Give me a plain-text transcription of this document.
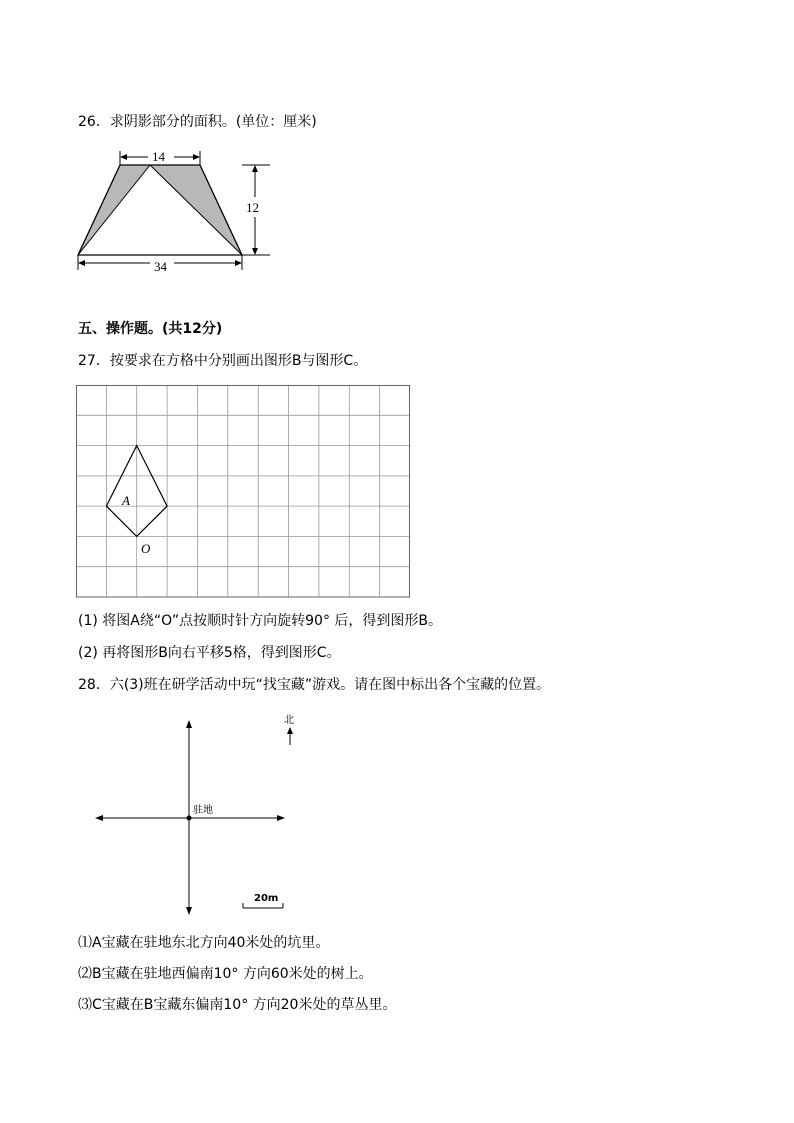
26．求阴影部分的面积。(单位：厘米)
14
12
34
五、操作题。(共12分)
27．按要求在方格中分别画出图形B与图形C。
A
O
(1) 将图A绕“O”点按顺时针方向旋转90° 后，得到图形B。
(2) 再将图形B向右平移5格，得到图形C。
28．六(3)班在研学活动中玩“找宝藏”游戏。请在图中标出各个宝藏的位置。
北
驻地
20m
⑴A宝藏在驻地东北方向40米处的坑里。
⑵B宝藏在驻地西偏南10° 方向60米处的树上。
⑶C宝藏在B宝藏东偏南10° 方向20米处的草丛里。
